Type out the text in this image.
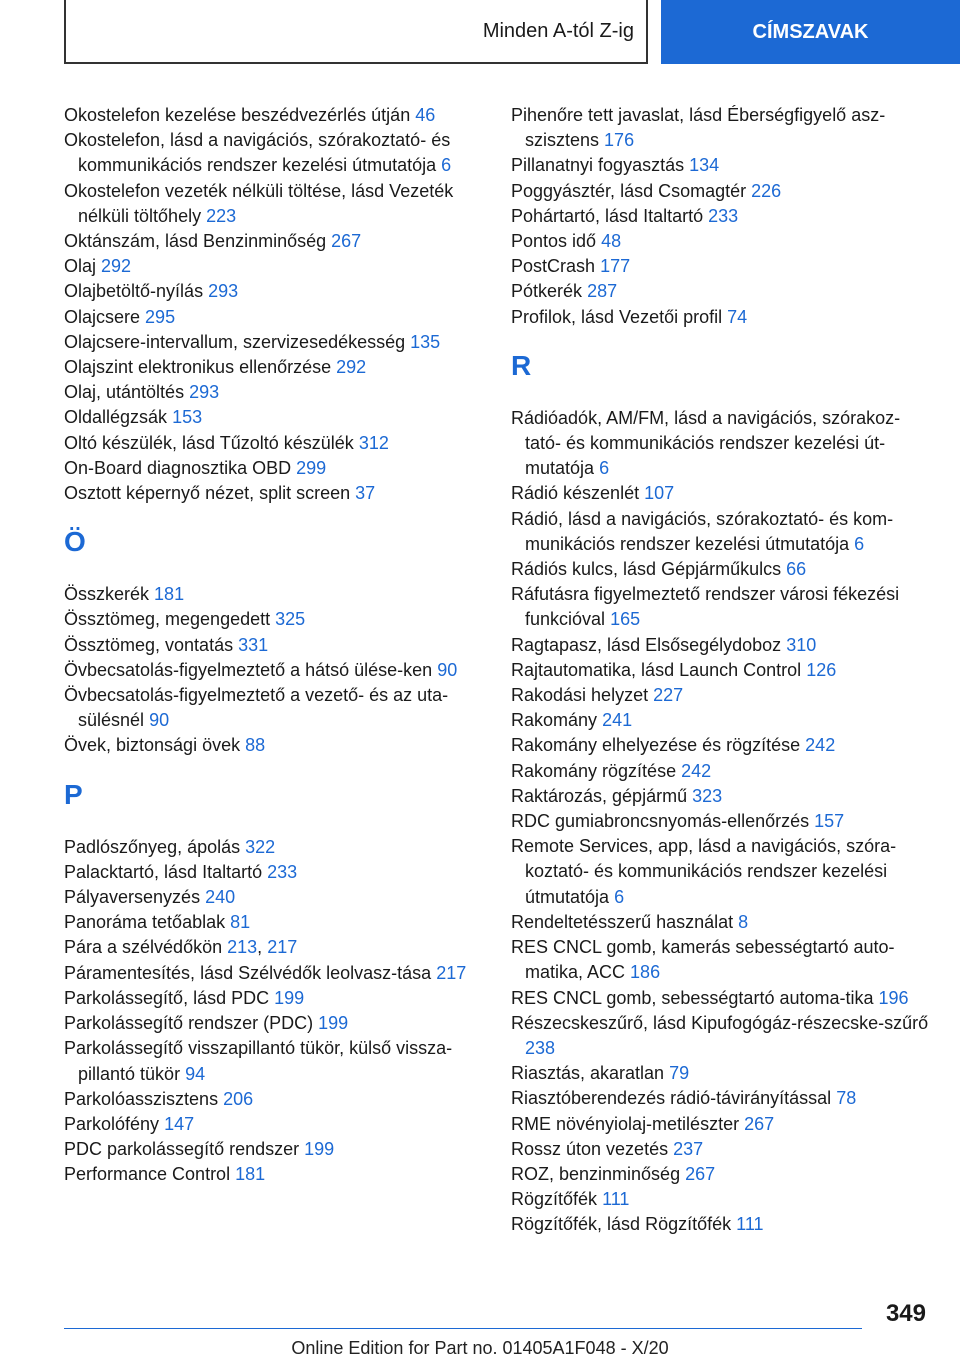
Minden A-tól Z-ig	CÍMSZAVAK
Okostelefon kezelése beszédvezérlés útján 46
Okostelefon, lásd a navigációs, szórakoztató- és kommunikációs rendszer kezelési útmutatója 6
Okostelefon vezeték nélküli töltése, lásd Vezeték nélküli töltőhely 223
Oktánszám, lásd Benzinminőség 267
Olaj 292
Olajbetöltő-nyílás 293
Olajcsere 295
Olajcsere-intervallum, szervizesedékesség 135
Olajszint elektronikus ellenőrzése 292
Olaj, utántöltés 293
Oldallégzsák 153
Oltó készülék, lásd Tűzoltó készülék 312
On-Board diagnosztika OBD 299
Osztott képernyő nézet, split screen 37
Ö
Összkerék 181
Össztömeg, megengedett 325
Össztömeg, vontatás 331
Övbecsatolás-figyelmeztető a hátsó ülése-ken 90
Övbecsatolás-figyelmeztető a vezető- és az uta-sülésnél 90
Övek, biztonsági övek 88
P
Padlószőnyeg, ápolás 322
Palacktartó, lásd Italtartó 233
Pályaversenyzés 240
Panoráma tetőablak 81
Pára a szélvédőkön 213, 217
Páramentesítés, lásd Szélvédők leolvasz-tása 217
Parkolássegítő, lásd PDC 199
Parkolássegítő rendszer (PDC) 199
Parkolássegítő visszapillantó tükör, külső vissza-pillantó tükör 94
Parkolóasszisztens 206
Parkolófény 147
PDC parkolássegítő rendszer 199
Performance Control 181
Pihenőre tett javaslat, lásd Éberségfigyelő asz-szisztens 176
Pillanatnyi fogyasztás 134
Poggyásztér, lásd Csomagtér 226
Pohártartó, lásd Italtartó 233
Pontos idő 48
PostCrash 177
Pótkerék 287
Profilok, lásd Vezetői profil 74
R
Rádióadók, AM/FM, lásd a navigációs, szórakoz-tató- és kommunikációs rendszer kezelési út-mutatója 6
Rádió készenlét 107
Rádió, lásd a navigációs, szórakoztató- és kom-munikációs rendszer kezelési útmutatója 6
Rádiós kulcs, lásd Gépjárműkulcs 66
Ráfutásra figyelmeztető rendszer városi fékezési funkcióval 165
Ragtapasz, lásd Elsősegélydoboz 310
Rajtautomatika, lásd Launch Control 126
Rakodási helyzet 227
Rakomány 241
Rakomány elhelyezése és rögzítése 242
Rakomány rögzítése 242
Raktározás, gépjármű 323
RDC gumiabroncsnyomás-ellenőrzés 157
Remote Services, app, lásd a navigációs, szóra-koztató- és kommunikációs rendszer kezelési útmutatója 6
Rendeltetésszerű használat 8
RES CNCL gomb, kamerás sebességtartó auto-matika, ACC 186
RES CNCL gomb, sebességtartó automa-tika 196
Részecskeszűrő, lásd Kipufogógáz-részecske-szűrő 238
Riasztás, akaratlan 79
Riasztóberendezés rádió-távirányítással 78
RME növényiolaj-metilészter 267
Rossz úton vezetés 237
ROZ, benzinminőség 267
Rögzítőfék 111
Rögzítőfék, lásd Rögzítőfék 111
349
Online Edition for Part no. 01405A1F048 - X/20
